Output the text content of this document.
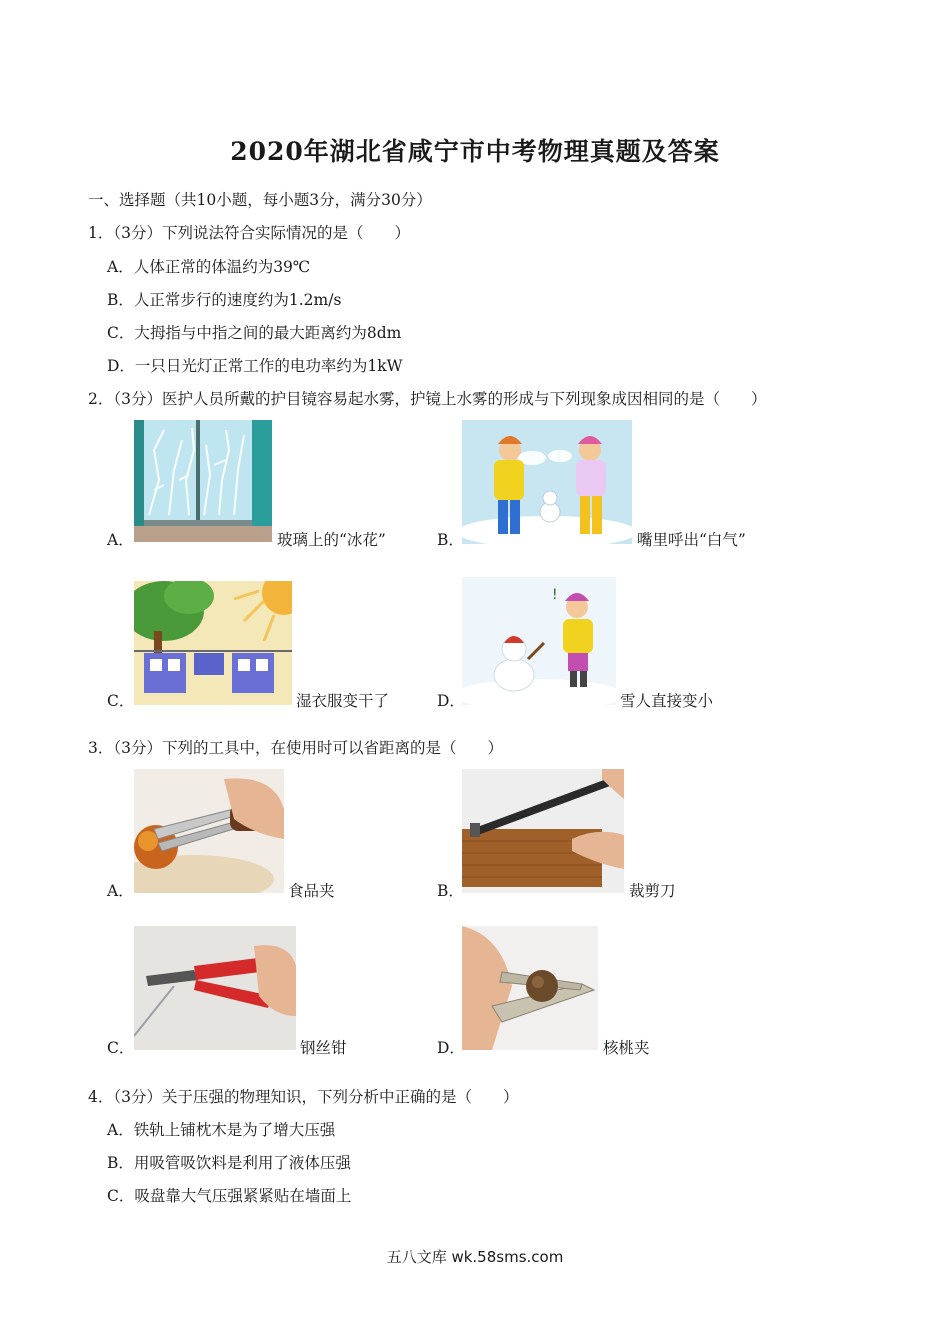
2020年湖北省咸宁市中考物理真题及答案
一、选择题（共10小题，每小题3分，满分30分）
1．（3分）下列说法符合实际情况的是（　　）
A．人体正常的体温约为39℃
B．人正常步行的速度约为1.2m/s
C．大拇指与中指之间的最大距离约为8dm
D．一只日光灯正常工作的电功率约为1kW
2．（3分）医护人员所戴的护目镜容易起水雾，护镜上水雾的形成与下列现象成因相同的是（　　）
A．	玻璃上的“冰花”	B．	嘴里呼出“白气”
C．	湿衣服变干了
!
D．	雪人直接变小
3．（3分）下列的工具中，在使用时可以省距离的是（　　）
A．	食品夹	B．	裁剪刀
C．	钢丝钳	D．	核桃夹
4．（3分）关于压强的物理知识，下列分析中正确的是（　　）
A．铁轨上铺枕木是为了增大压强
B．用吸管吸饮料是利用了液体压强
C．吸盘靠大气压强紧紧贴在墙面上
五八文库 wk.58sms.com
